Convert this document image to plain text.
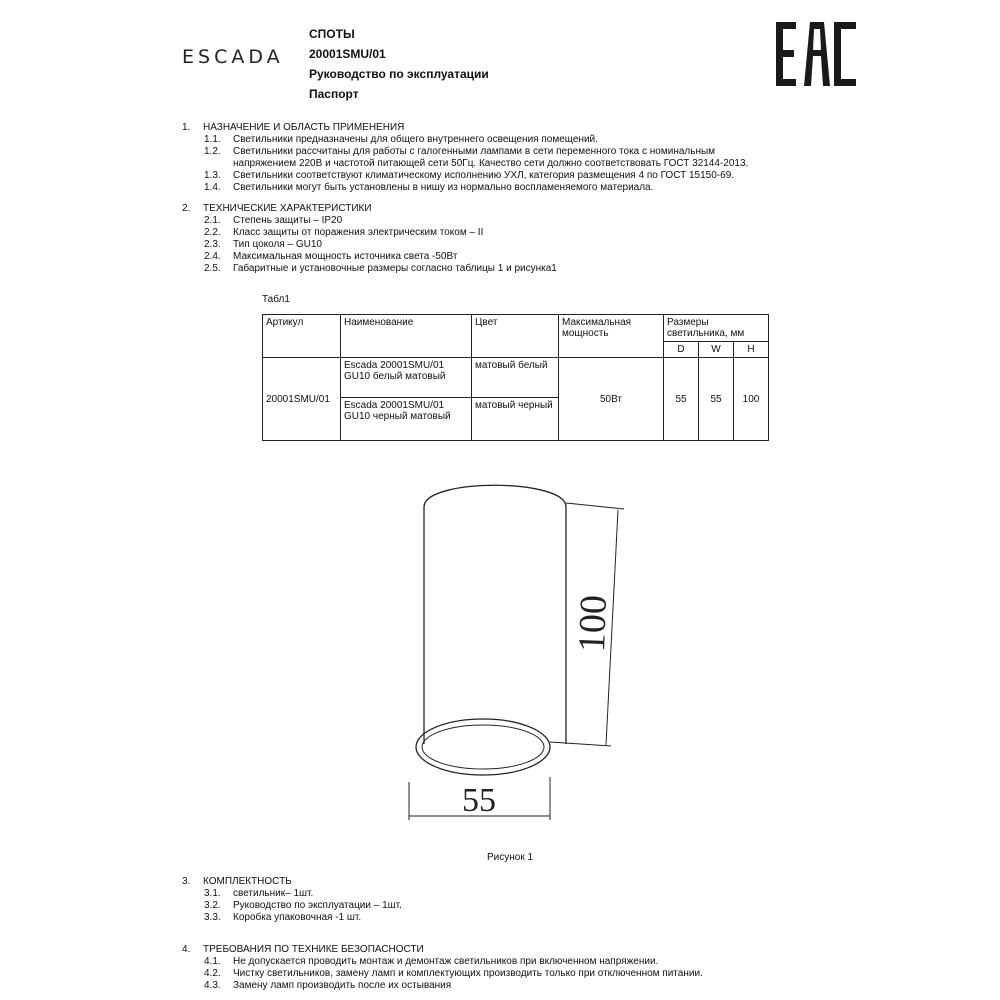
ESCADA
СПОТЫ
20001SMU/01
Руководство по эксплуатации
Паспорт
1. НАЗНАЧЕНИЕ И ОБЛАСТЬ ПРИМЕНЕНИЯ
1.1. Светильники предназначены для общего внутреннего освещения помещений.
1.2. Светильники рассчитаны для работы с галогенными лампами в сети переменного тока с номинальным
напряжением 220В и частотой питающей сети 50Гц. Качество сети должно соответствовать ГОСТ 32144-2013.
1.3. Светильники соответствуют климатическому исполнению УХЛ, категория размещения 4 по ГОСТ 15150-69.
1.4. Светильники могут быть установлены в нишу из нормально воспламеняемого материала.
2. ТЕХНИЧЕСКИЕ ХАРАКТЕРИСТИКИ
2.1. Степень защиты – IP20
2.2. Класс защиты от поражения электрическим током – II
2.3. Тип цоколя – GU10
2.4. Максимальная мощность источника света -50Вт
2.5. Габаритные и установочные размеры согласно таблицы 1 и рисунка1
Табл1
Артикул	Наименование	Цвет	Максимальная мощность	Размеры светильника, мм		
				D	W	H
20001SMU/01	Escada 20001SMU/01 GU10 белый матовый	матовый белый	50Вт	55	55	100
	Escada 20001SMU/01 GU10 черный матовый	матовый черный				
100
55
Рисунок 1
3. КОМПЛЕКТНОСТЬ
3.1. светильник– 1шт.
3.2. Руководство по эксплуатации – 1шт.
3.3. Коробка упаковочная -1 шт.
4. ТРЕБОВАНИЯ ПО ТЕХНИКЕ БЕЗОПАСНОСТИ
4.1. Не допускается проводить монтаж и демонтаж светильников при включенном напряжении.
4.2. Чистку светильников, замену ламп и комплектующих производить только при отключенном питании.
4.3. Замену ламп производить после их остывания
